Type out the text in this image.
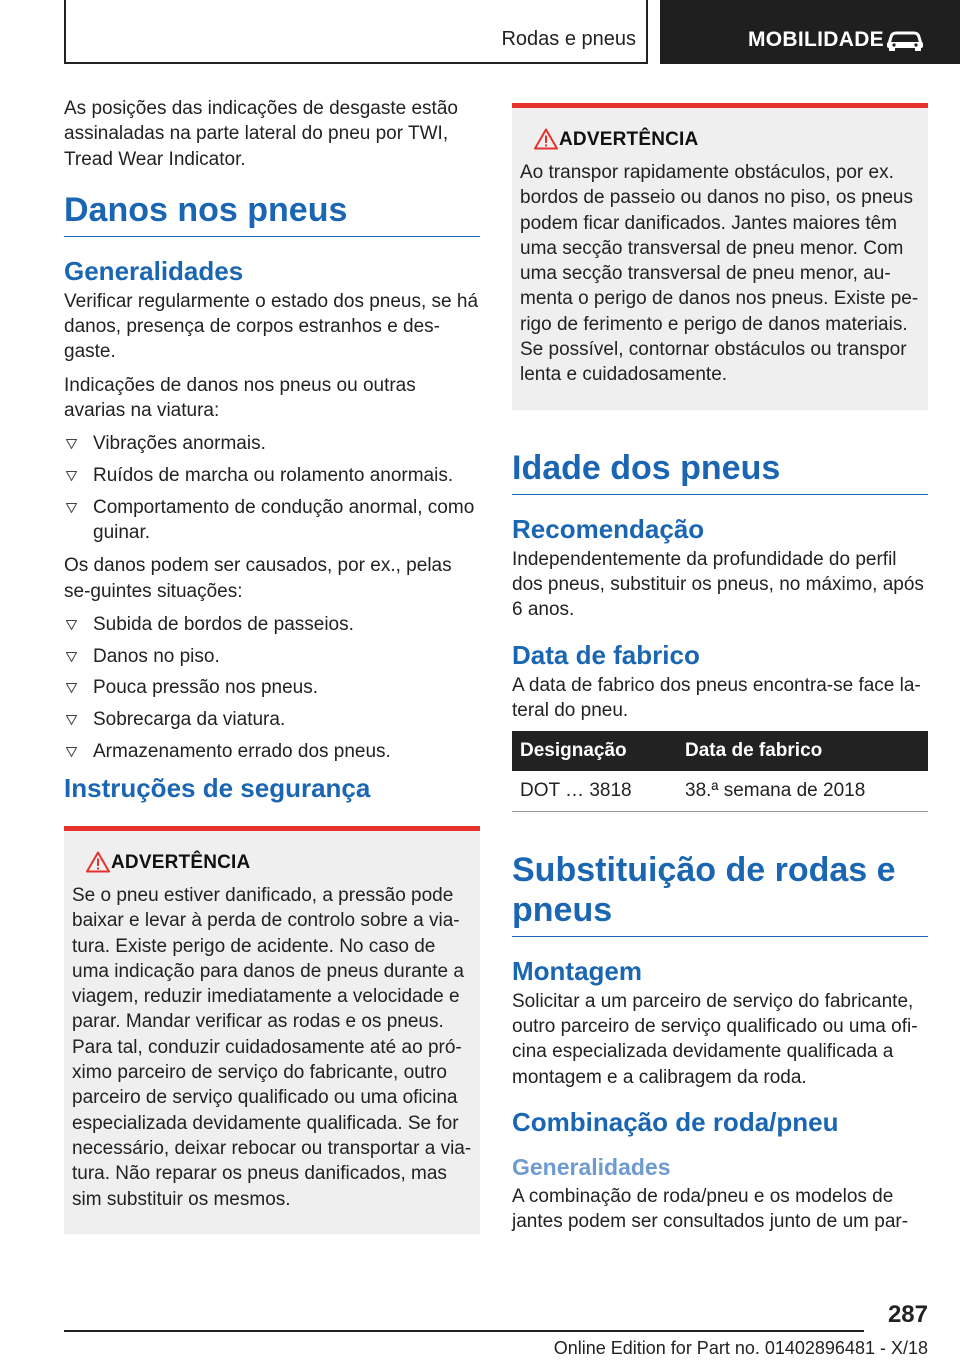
Rodas e pneus	MOBILIDADE

As posições das indicações de desgaste estão assinaladas na parte lateral do pneu por TWI, Tread Wear Indicator.

Danos nos pneus
Generalidades

Verificar regularmente o estado dos pneus, se há danos, presença de corpos estranhos e des-gaste.

Indicações de danos nos pneus ou outras avarias na viatura:

Vibrações anormais.
Ruídos de marcha ou rolamento anormais.
Comportamento de condução anormal, como guinar.

Os danos podem ser causados, por ex., pelas se-guintes situações:

Subida de bordos de passeios.
Danos no piso.
Pouca pressão nos pneus.
Sobrecarga da viatura.
Armazenamento errado dos pneus.
Instruções de segurança
ADVERTÊNCIA

Se o pneu estiver danificado, a pressão pode baixar e levar à perda de controlo sobre a via-tura. Existe perigo de acidente. No caso de uma indicação para danos de pneus durante a viagem, reduzir imediatamente a velocidade e parar. Mandar verificar as rodas e os pneus. Para tal, conduzir cuidadosamente até ao pró-ximo parceiro de serviço do fabricante, outro parceiro de serviço qualificado ou uma oficina especializada devidamente qualificada. Se for necessário, deixar rebocar ou transportar a via-tura. Não reparar os pneus danificados, mas sim substituir os mesmos.

ADVERTÊNCIA

Ao transpor rapidamente obstáculos, por ex. bordos de passeio ou danos no piso, os pneus podem ficar danificados. Jantes maiores têm uma secção transversal de pneu menor. Com uma secção transversal de pneu menor, au-menta o perigo de danos nos pneus. Existe pe-rigo de ferimento e perigo de danos materiais. Se possível, contornar obstáculos ou transpor lenta e cuidadosamente.

Idade dos pneus
Recomendação

Independentemente da profundidade do perfil dos pneus, substituir os pneus, no máximo, após 6 anos.

Data de fabrico

A data de fabrico dos pneus encontra-se face la-teral do pneu.

Designação	Data de fabrico
DOT … 3818	38.ª semana de 2018
Substituição de rodas e pneus
Montagem

Solicitar a um parceiro de serviço do fabricante, outro parceiro de serviço qualificado ou uma ofi-cina especializada devidamente qualificada a montagem e a calibragem da roda.

Combinação de roda/pneu
Generalidades

A combinação de roda/pneu e os modelos de jantes podem ser consultados junto de um par-

287
Online Edition for Part no. 01402896481 - X/18
